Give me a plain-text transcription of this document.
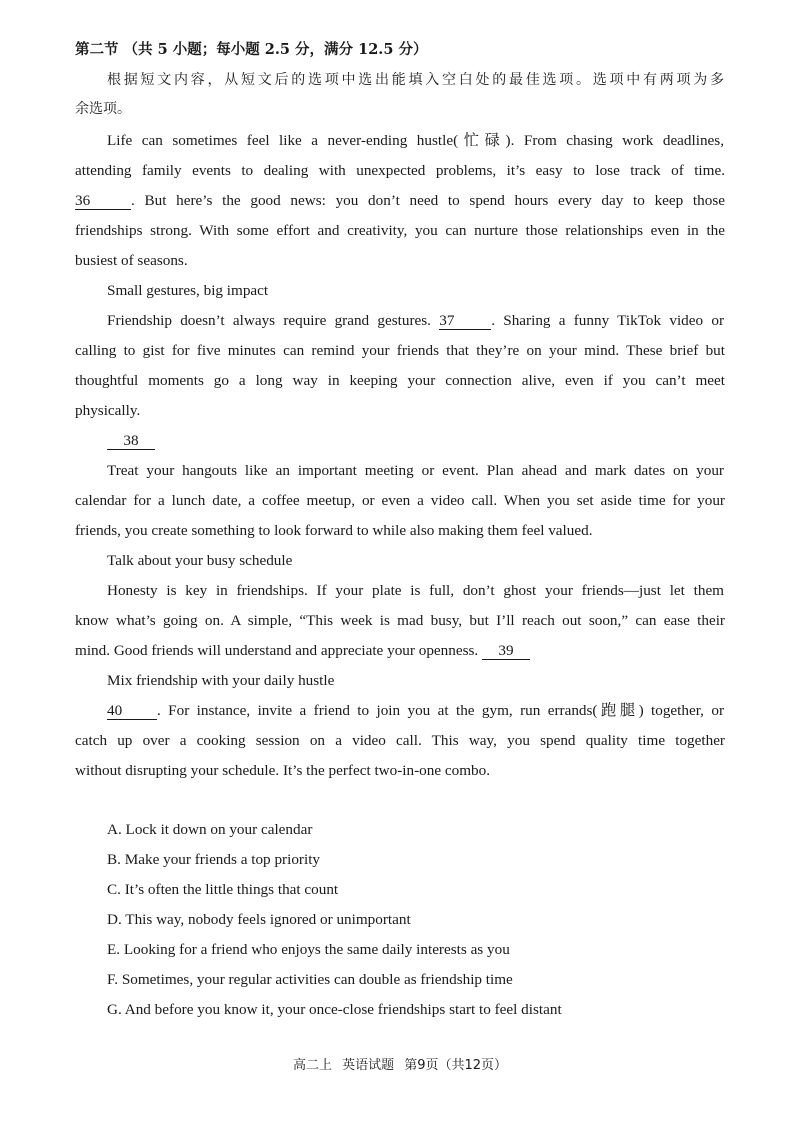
第二节 （共 5 小题；每小题 2.5 分，满分 12.5 分）
根据短文内容，从短文后的选项中选出能填入空白处的最佳选项。选项中有两项为多
余选项。
Life can sometimes feel like a never-ending hustle(忙碌). From chasing work deadlines,
attending family events to dealing with unexpected problems, it’s easy to lose track of time.
36	. But here’s the good news: you don’t need to spend hours every day to keep those
friendships strong. With some effort and creativity, you can nurture those relationships even in the
busiest of seasons.
Small gestures, big impact
Friendship doesn’t always require grand gestures. 37 . Sharing a funny TikTok video or
calling to gist for five minutes can remind your friends that they’re on your mind. These brief but
thoughtful moments go a long way in keeping your connection alive, even if you can’t meet
physically.
38
Treat your hangouts like an important meeting or event. Plan ahead and mark dates on your
calendar for a lunch date, a coffee meetup, or even a video call. When you set aside time for your
friends, you create something to look forward to while also making them feel valued.
Talk about your busy schedule
Honesty is key in friendships. If your plate is full, don’t ghost your friends—just let them
know what’s going on. A simple, “This week is mad busy, but I’ll reach out soon,” can ease their
mind. Good friends will understand and appreciate your openness. 39
Mix friendship with your daily hustle
40 . For instance, invite a friend to join you at the gym, run errands(跑腿) together, or
catch up over a cooking session on a video call. This way, you spend quality time together
without disrupting your schedule. It’s the perfect two-in-one combo.
A. Lock it down on your calendar
B. Make your friends a top priority
C. It’s often the little things that count
D. This way, nobody feels ignored or unimportant
E. Looking for a friend who enjoys the same daily interests as you
F. Sometimes, your regular activities can double as friendship time
G. And before you know it, your once-close friendships start to feel distant
高二上 英语试题 第9页（共12页）
